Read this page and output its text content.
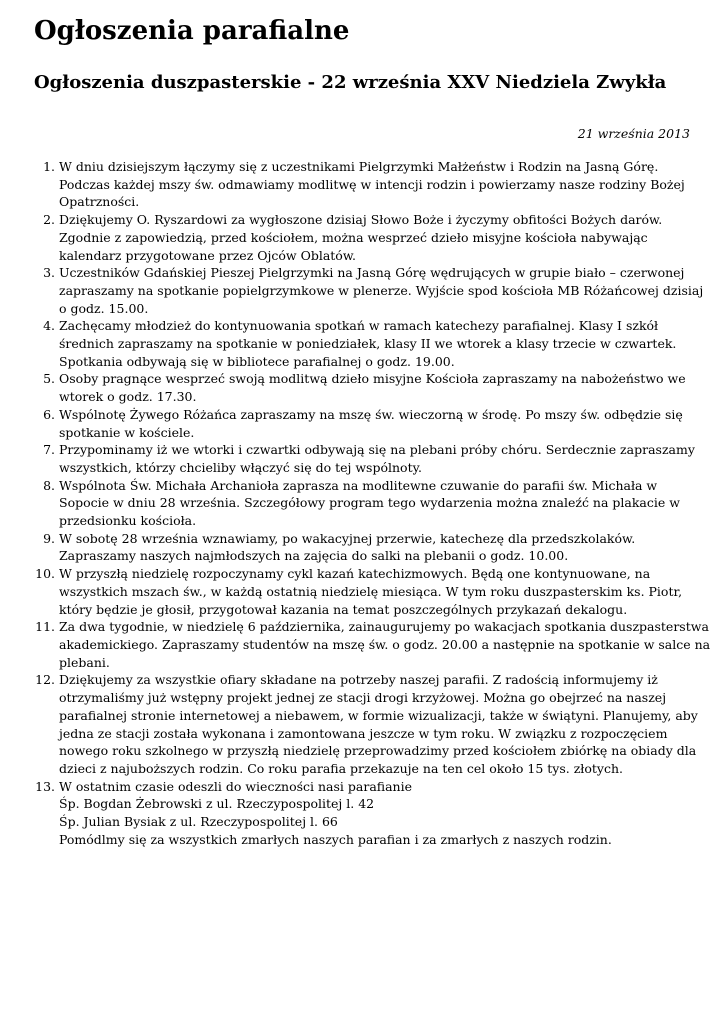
Ogłoszenia parafialne
Ogłoszenia duszpasterskie - 22 września XXV Niedziela Zwykła
21 września 2013
1. W dniu dzisiejszym łączymy się z uczestnikami Pielgrzymki Małżeństw i Rodzin na Jasną Górę.
Podczas każdej mszy św. odmawiamy modlitwę w intencji rodzin i powierzamy nasze rodziny Bożej
Opatrzności.
2. Dziękujemy O. Ryszardowi za wygłoszone dzisiaj Słowo Boże i życzymy obfitości Bożych darów.
Zgodnie z zapowiedzią, przed kościołem, można wesprzeć dzieło misyjne kościoła nabywając
kalendarz przygotowane przez Ojców Oblatów.
3. Uczestników Gdańskiej Pieszej Pielgrzymki na Jasną Górę wędrujących w grupie biało – czerwonej
zapraszamy na spotkanie popielgrzymkowe w plenerze. Wyjście spod kościoła MB Różańcowej dzisiaj
o godz. 15.00.
4. Zachęcamy młodzież do kontynuowania spotkań w ramach katechezy parafialnej. Klasy I szkół
średnich zapraszamy na spotkanie w poniedziałek, klasy II we wtorek a klasy trzecie w czwartek.
Spotkania odbywają się w bibliotece parafialnej o godz. 19.00.
5. Osoby pragnące wesprzeć swoją modlitwą dzieło misyjne Kościoła zapraszamy na nabożeństwo we
wtorek o godz. 17.30.
6. Wspólnotę Żywego Różańca zapraszamy na mszę św. wieczorną w środę. Po mszy św. odbędzie się
spotkanie w kościele.
7. Przypominamy iż we wtorki i czwartki odbywają się na plebani próby chóru. Serdecznie zapraszamy
wszystkich, którzy chcieliby włączyć się do tej wspólnoty.
8. Wspólnota Św. Michała Archanioła zaprasza na modlitewne czuwanie do parafii św. Michała w
Sopocie w dniu 28 września. Szczegółowy program tego wydarzenia można znaleźć na plakacie w
przedsionku kościoła.
9. W sobotę 28 września wznawiamy, po wakacyjnej przerwie, katechezę dla przedszkolaków.
Zapraszamy naszych najmłodszych na zajęcia do salki na plebanii o godz. 10.00.
10. W przyszłą niedzielę rozpoczynamy cykl kazań katechizmowych. Będą one kontynuowane, na
wszystkich mszach św., w każdą ostatnią niedzielę miesiąca. W tym roku duszpasterskim ks. Piotr,
który będzie je głosił, przygotował kazania na temat poszczególnych przykazań dekalogu.
11. Za dwa tygodnie, w niedzielę 6 października, zainaugurujemy po wakacjach spotkania duszpasterstwa
akademickiego. Zapraszamy studentów na mszę św. o godz. 20.00 a następnie na spotkanie w salce na
plebani.
12. Dziękujemy za wszystkie ofiary składane na potrzeby naszej parafii. Z radością informujemy iż
otrzymaliśmy już wstępny projekt jednej ze stacji drogi krzyżowej. Można go obejrzeć na naszej
parafialnej stronie internetowej a niebawem, w formie wizualizacji, także w świątyni. Planujemy, aby
jedna ze stacji została wykonana i zamontowana jeszcze w tym roku. W związku z rozpoczęciem
nowego roku szkolnego w przyszłą niedzielę przeprowadzimy przed kościołem zbiórkę na obiady dla
dzieci z najuboższych rodzin. Co roku parafia przekazuje na ten cel około 15 tys. złotych.
13. W ostatnim czasie odeszli do wieczności nasi parafianie
Śp. Bogdan Żebrowski z ul. Rzeczypospolitej l. 42
Śp. Julian Bysiak z ul. Rzeczypospolitej l. 66
Pomódlmy się za wszystkich zmarłych naszych parafian i za zmarłych z naszych rodzin.
